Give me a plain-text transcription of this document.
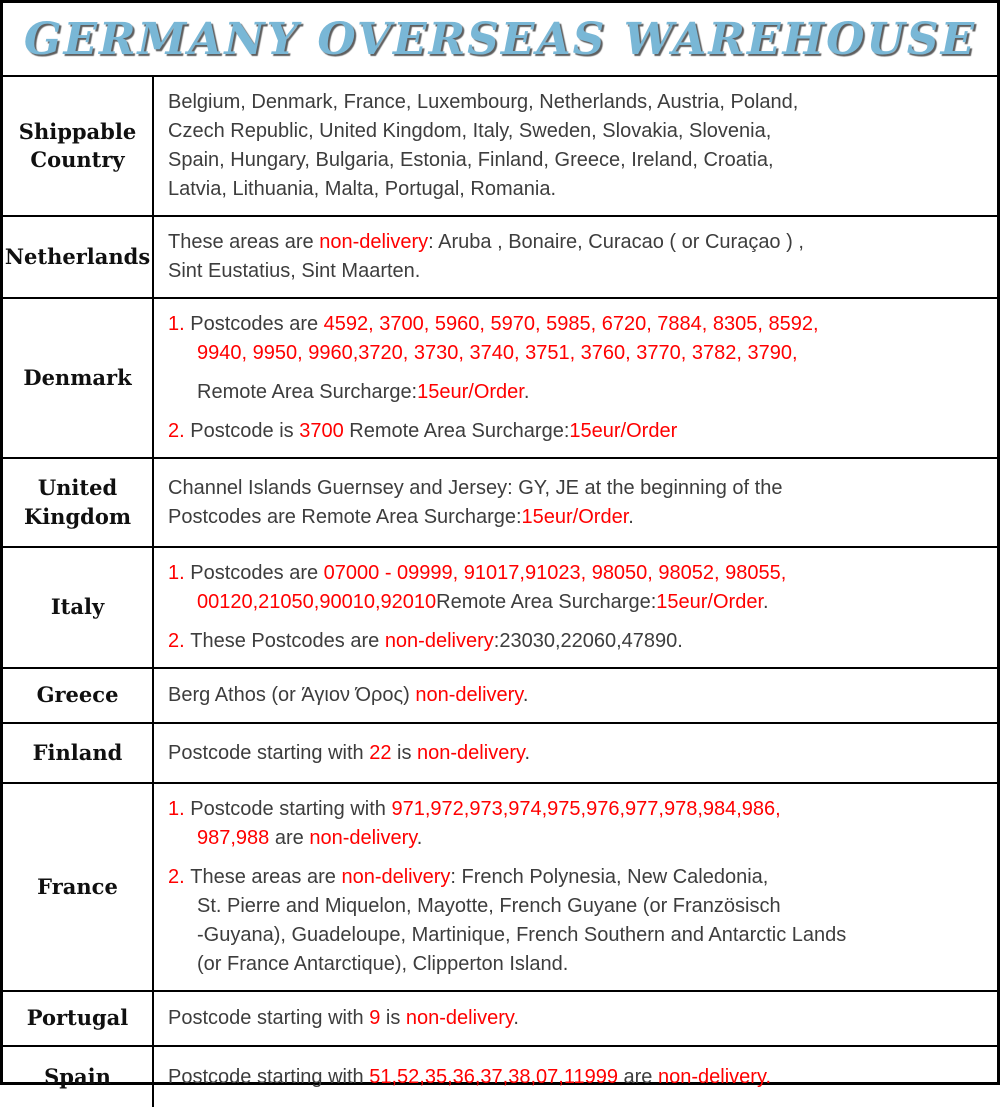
GERMANY OVERSEAS WAREHOUSE
Shippable Country

Belgium, Denmark, France, Luxembourg, Netherlands, Austria, Poland,
Czech Republic, United Kingdom, Italy, Sweden, Slovakia, Slovenia,
Spain, Hungary, Bulgaria, Estonia, Finland, Greece, Ireland, Croatia,
Latvia, Lithuania, Malta, Portugal, Romania.

Netherlands

These areas are non-delivery: Aruba , Bonaire, Curacao ( or Curaçao ) ,
Sint Eustatius, Sint Maarten.

Denmark

1. Postcodes are 4592, 3700, 5960, 5970, 5985, 6720, 7884, 8305, 8592,
9940, 9950, 9960,3720, 3730, 3740, 3751, 3760, 3770, 3782, 3790,

Remote Area Surcharge:15eur/Order.

2. Postcode is 3700 Remote Area Surcharge:15eur/Order

United Kingdom

Channel Islands Guernsey and Jersey: GY, JE at the beginning of the
Postcodes are Remote Area Surcharge:15eur/Order.

Italy

1. Postcodes are 07000 - 09999, 91017,91023, 98050, 98052, 98055,
00120,21050,90010,92010Remote Area Surcharge:15eur/Order.

2. These Postcodes are non-delivery:23030,22060,47890.

Greece	Berg Athos (or Άγιον Όρος) non-delivery.

Finland	Postcode starting with 22 is non-delivery.

France

1. Postcode starting with 971,972,973,974,975,976,977,978,984,986,
987,988 are non-delivery.

2. These areas are non-delivery: French Polynesia, New Caledonia,
St. Pierre and Miquelon, Mayotte, French Guyane (or Französisch
-Guyana), Guadeloupe, Martinique, French Southern and Antarctic Lands
(or France Antarctique), Clipperton Island.

Portugal	Postcode starting with 9 is non-delivery.

Spain	Postcode starting with 51,52,35,36,37,38,07,11999 are non-delivery.
